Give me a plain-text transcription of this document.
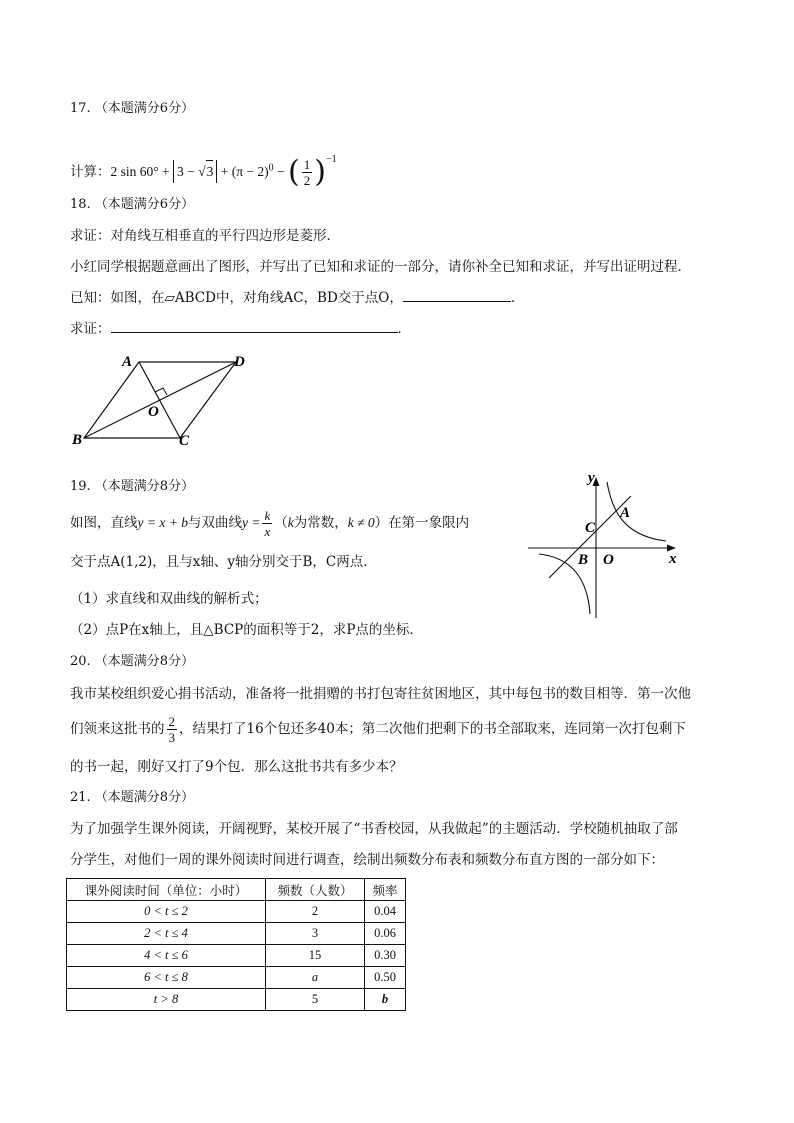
17. （本题满分6分）
计算：2 $\sin 60^\circ + 3 - √3 + (\pi - 2)^0$ − ( $\frac{1}{2} )^{-1}$
18. （本题满分6分）
求证：对角线互相垂直的平行四边形是菱形．
小红同学根据题意画出了图形，并写出了已知和求证的一部分，请你补全已知和求证，并写出证明过程．
已知：如图，在▱ABCD中，对角线AC，BD交于点O，	．
求证：	．
A	D
O
B	C
19. （本题满分8分）
如图，直线y = x + b与双曲线$y = \frac{k}{x} (k$为常数，k ≠ 0）在第一象限内
交于点A(1,2)，且与x轴、y轴分别交于B，C两点．
（1）求直线和双曲线的解析式；
（2）点P在x轴上，且△BCP的面积等于2，求P点的坐标．
y
A
C
B O	x
20. （本题满分8分）
我市某校组织爱心捐书活动，准备将一批捐赠的书打包寄往贫困地区，其中每包书的数目相等．第一次他
们领来这批书的 $\frac{2}{3}$ ，结果打了16个包还多40本；第二次他们把剩下的书全部取来，连同第一次打包剩下
的书一起，刚好又打了9个包．那么这批书共有多少本？
21. （本题满分8分）
为了加强学生课外阅读，开阔视野，某校开展了“书香校园，从我做起”的主题活动．学校随机抽取了部
分学生，对他们一周的课外阅读时间进行调查，绘制出频数分布表和频数分布直方图的一部分如下：
课外阅读时间（单位：小时）	频数（人数）	频率
0 < t ≤ 2	2	0.04
2 < t ≤ 4	3	0.06
4 < t ≤ 6	15	0.30
6 < t ≤ 8	a	0.50
t > 8	5	b
